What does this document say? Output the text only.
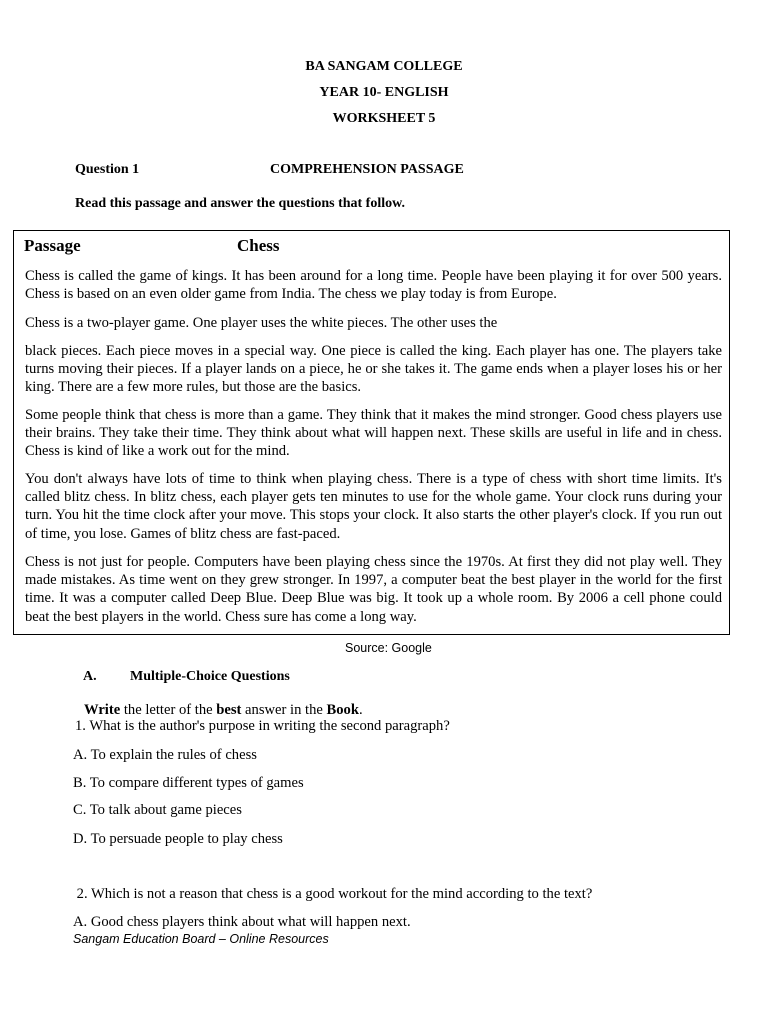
BA SANGAM COLLEGE
YEAR 10- ENGLISH
WORKSHEET 5
Question 1	COMPREHENSION PASSAGE
Read this passage and answer the questions that follow.
Passage	Chess
Chess is called the game of kings. It has been around for a long time. People have been playing it for over 500 years. Chess is based on an even older game from India. The chess we play today is from Europe.
Chess is a two-player game. One player uses the white pieces. The other uses the
black pieces. Each piece moves in a special way. One piece is called the king. Each player has one. The players take turns moving their pieces. If a player lands on a piece, he or she takes it. The game ends when a player loses his or her king. There are a few more rules, but those are the basics.
Some people think that chess is more than a game. They think that it makes the mind stronger. Good chess players use their brains. They take their time. They think about what will happen next. These skills are useful in life and in chess. Chess is kind of like a work out for the mind.
You don't always have lots of time to think when playing chess. There is a type of chess with short time limits. It's called blitz chess. In blitz chess, each player gets ten minutes to use for the whole game. Your clock runs during your turn. You hit the time clock after your move. This stops your clock. It also starts the other player's clock. If you run out of time, you lose. Games of blitz chess are fast-paced.
Chess is not just for people. Computers have been playing chess since the 1970s. At first they did not play well. They made mistakes. As time went on they grew stronger. In 1997, a computer beat the best player in the world for the first time. It was a computer called Deep Blue. Deep Blue was big. It took up a whole room. By 2006 a cell phone could beat the best players in the world. Chess sure has come a long way.
Source: Google
A. Multiple-Choice Questions
Write the letter of the best answer in the Book.
1. What is the author's purpose in writing the second paragraph?
A. To explain the rules of chess
B. To compare different types of games
C. To talk about game pieces
D. To persuade people to play chess
2. Which is not a reason that chess is a good workout for the mind according to the text?
A. Good chess players think about what will happen next.
Sangam Education Board – Online Resources
